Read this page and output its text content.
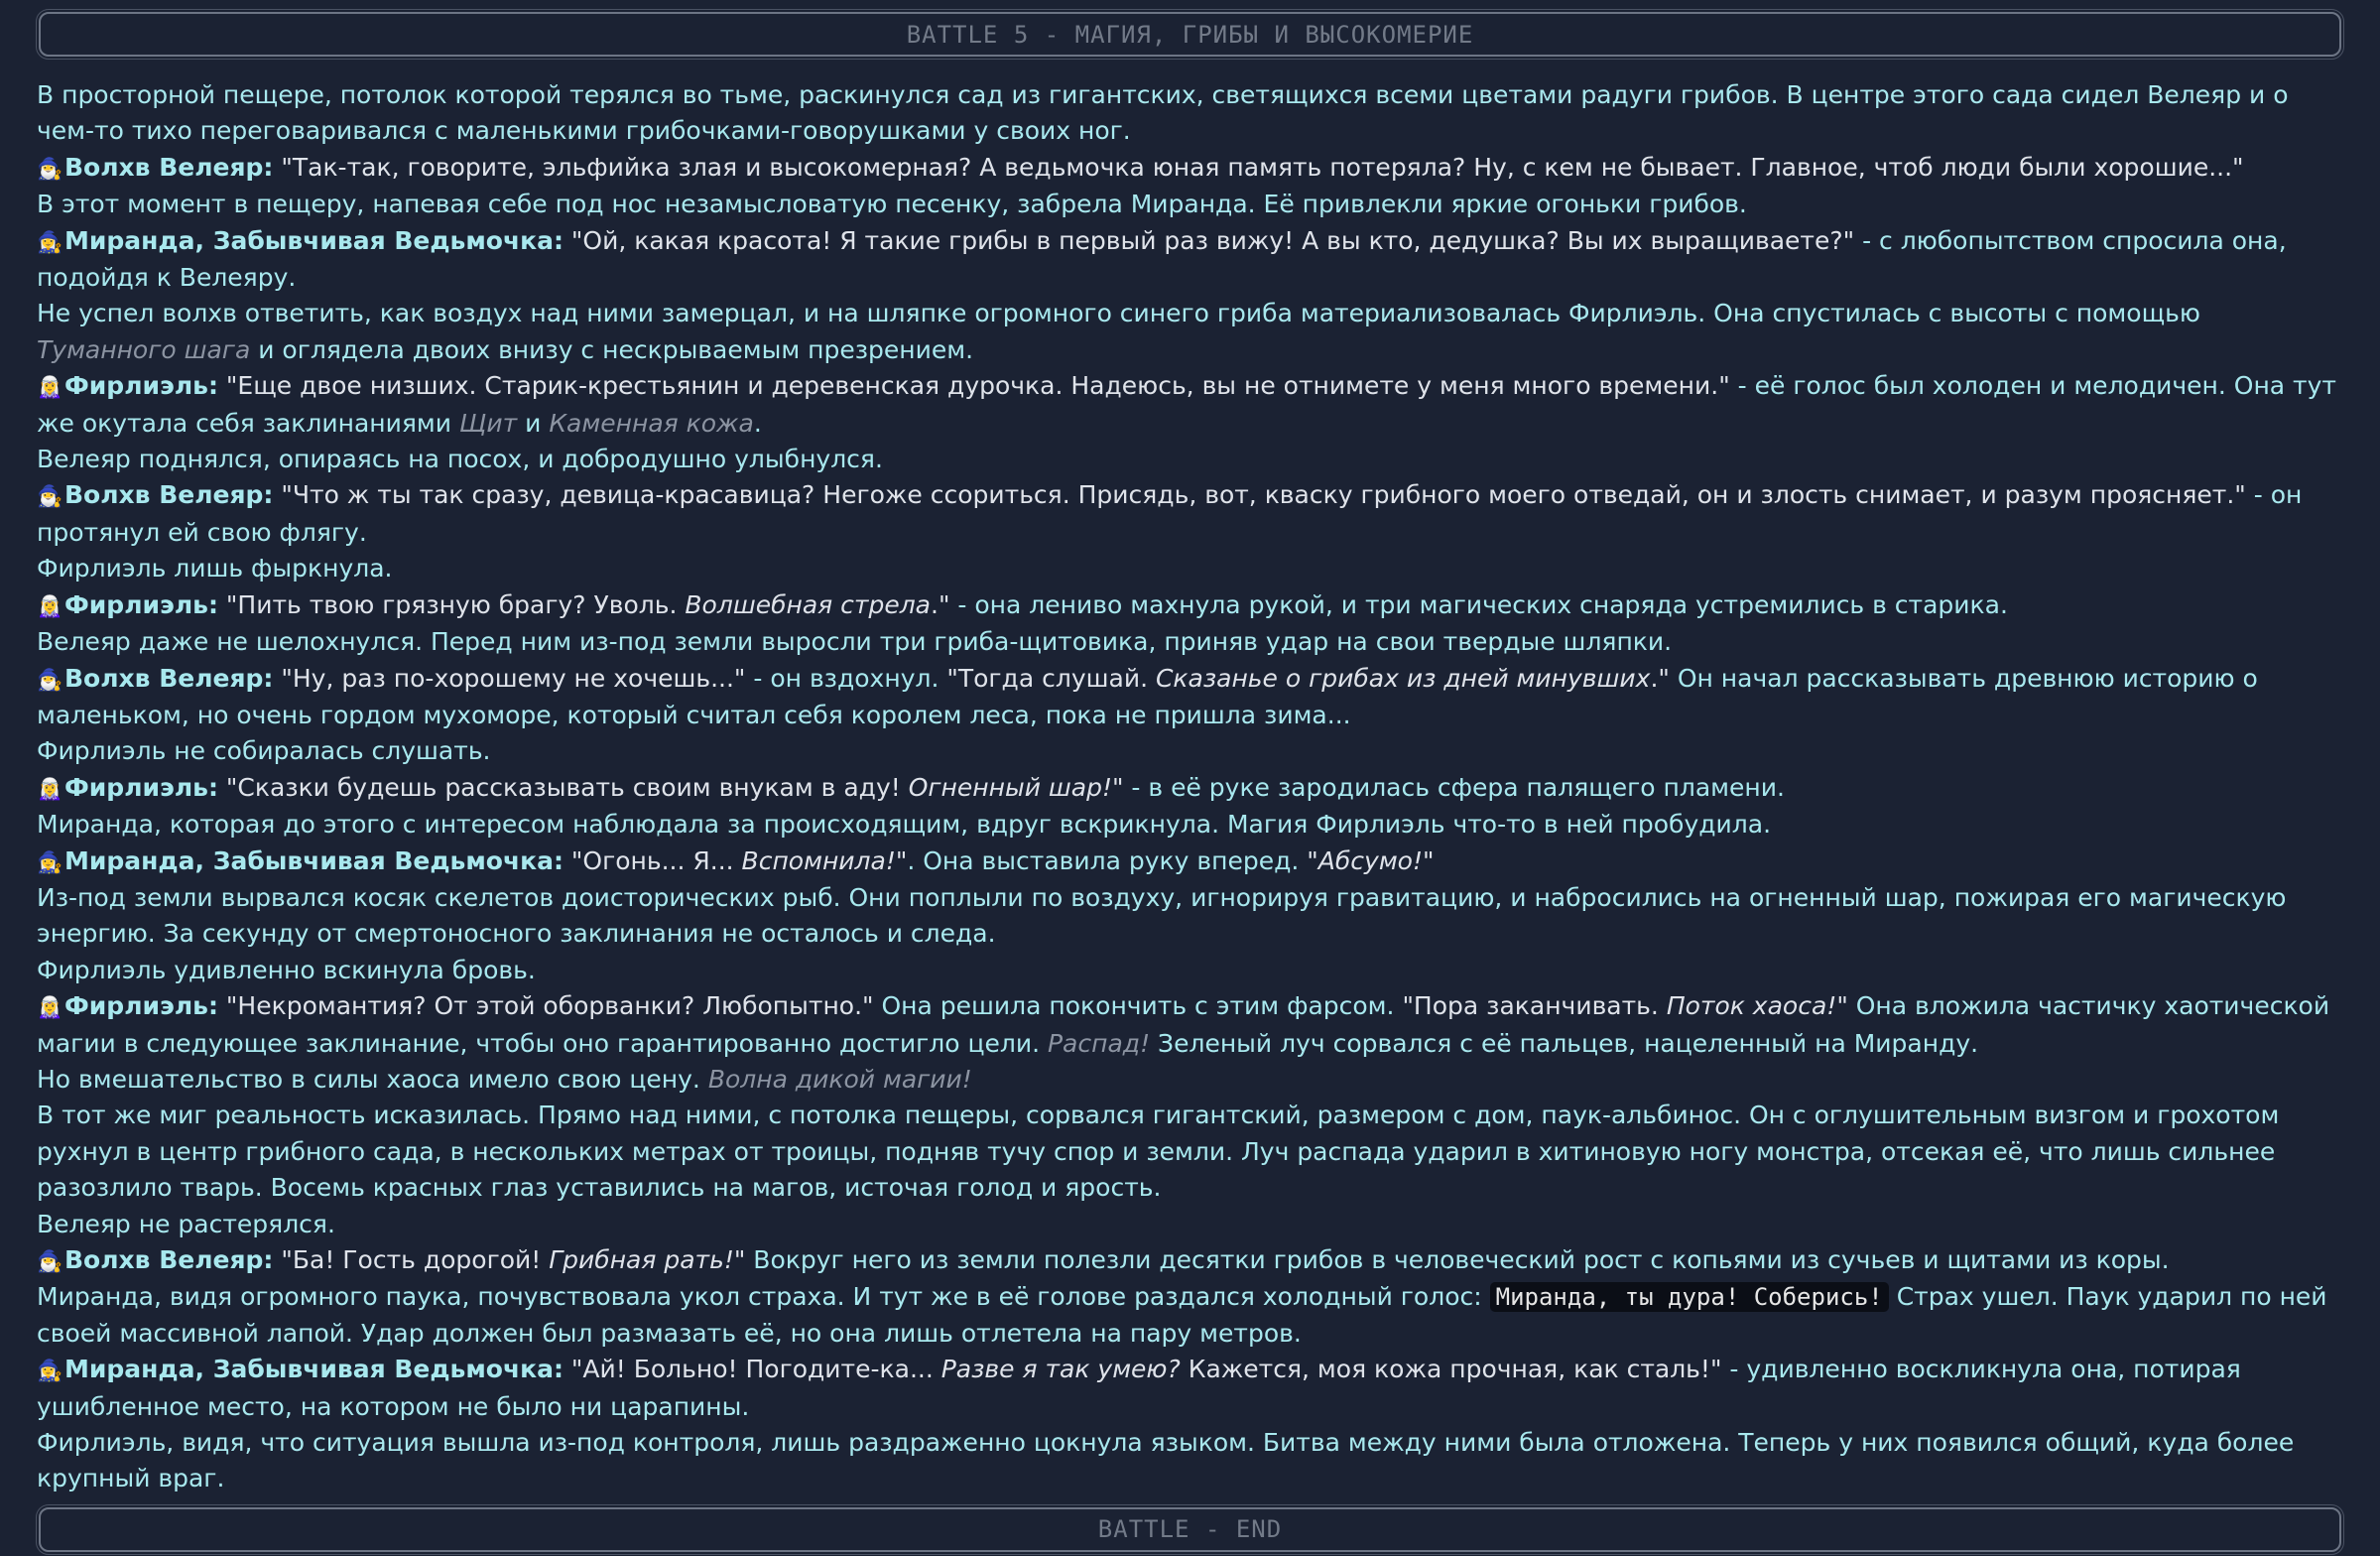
BATTLE 5 - МАГИЯ, ГРИБЫ И ВЫСОКОМЕРИЕ

В просторной пещере, потолок которой терялся во тьме, раскинулся сад из гигантских, светящихся всеми цветами радуги грибов. В центре этого сада сидел Велеяр и о чем-то тихо переговаривался с маленькими грибочками-говорушками у своих ног.

🧙‍♂️Волхв Велеяр: "Так-так, говорите, эльфийка злая и высокомерная? А ведьмочка юная память потеряла? Ну, с кем не бывает. Главное, чтоб люди были хорошие..."

В этот момент в пещеру, напевая себе под нос незамысловатую песенку, забрела Миранда. Её привлекли яркие огоньки грибов.

🧙‍♀️Миранда, Забывчивая Ведьмочка: "Ой, какая красота! Я такие грибы в первый раз вижу! А вы кто, дедушка? Вы их выращиваете?" - с любопытством спросила она, подойдя к Велеяру.

Не успел волхв ответить, как воздух над ними замерцал, и на шляпке огромного синего гриба материализовалась Фирлиэль. Она спустилась с высоты с помощью Туманного шага и оглядела двоих внизу с нескрываемым презрением.

🧝‍♀️Фирлиэль: "Еще двое низших. Старик-крестьянин и деревенская дурочка. Надеюсь, вы не отнимете у меня много времени." - её голос был холоден и мелодичен. Она тут же окутала себя заклинаниями Щит и Каменная кожа.

Велеяр поднялся, опираясь на посох, и добродушно улыбнулся.

🧙‍♂️Волхв Велеяр: "Что ж ты так сразу, девица-красавица? Негоже ссориться. Присядь, вот, кваску грибного моего отведай, он и злость снимает, и разум проясняет." - он протянул ей свою флягу.

Фирлиэль лишь фыркнула.

🧝‍♀️Фирлиэль: "Пить твою грязную брагу? Уволь. Волшебная стрела." - она лениво махнула рукой, и три магических снаряда устремились в старика.

Велеяр даже не шелохнулся. Перед ним из-под земли выросли три гриба-щитовика, приняв удар на свои твердые шляпки.

🧙‍♂️Волхв Велеяр: "Ну, раз по-хорошему не хочешь..." - он вздохнул. "Тогда слушай. Сказанье о грибах из дней минувших." Он начал рассказывать древнюю историю о маленьком, но очень гордом мухоморе, который считал себя королем леса, пока не пришла зима...

Фирлиэль не собиралась слушать.

🧝‍♀️Фирлиэль: "Сказки будешь рассказывать своим внукам в аду! Огненный шар!" - в её руке зародилась сфера палящего пламени.

Миранда, которая до этого с интересом наблюдала за происходящим, вдруг вскрикнула. Магия Фирлиэль что-то в ней пробудила.

🧙‍♀️Миранда, Забывчивая Ведьмочка: "Огонь... Я... Вспомнила!". Она выставила руку вперед. "Абсумо!"

Из-под земли вырвался косяк скелетов доисторических рыб. Они поплыли по воздуху, игнорируя гравитацию, и набросились на огненный шар, пожирая его магическую энергию. За секунду от смертоносного заклинания не осталось и следа.

Фирлиэль удивленно вскинула бровь.

🧝‍♀️Фирлиэль: "Некромантия? От этой оборванки? Любопытно." Она решила покончить с этим фарсом. "Пора заканчивать. Поток хаоса!" Она вложила частичку хаотической магии в следующее заклинание, чтобы оно гарантированно достигло цели. Распад! Зеленый луч сорвался с её пальцев, нацеленный на Миранду.

Но вмешательство в силы хаоса имело свою цену. Волна дикой магии!

В тот же миг реальность исказилась. Прямо над ними, с потолка пещеры, сорвался гигантский, размером с дом, паук-альбинос. Он с оглушительным визгом и грохотом рухнул в центр грибного сада, в нескольких метрах от троицы, подняв тучу спор и земли. Луч распада ударил в хитиновую ногу монстра, отсекая её, что лишь сильнее разозлило тварь. Восемь красных глаз уставились на магов, источая голод и ярость.

Велеяр не растерялся.

🧙‍♂️Волхв Велеяр: "Ба! Гость дорогой! Грибная рать!" Вокруг него из земли полезли десятки грибов в человеческий рост с копьями из сучьев и щитами из коры.

Миранда, видя огромного паука, почувствовала укол страха. И тут же в её голове раздался холодный голос: Миранда, ты дура! Соберись! Страх ушел. Паук ударил по ней своей массивной лапой. Удар должен был размазать её, но она лишь отлетела на пару метров.

🧙‍♀️Миранда, Забывчивая Ведьмочка: "Ай! Больно! Погодите-ка... Разве я так умею? Кажется, моя кожа прочная, как сталь!" - удивленно воскликнула она, потирая ушибленное место, на котором не было ни царапины.

Фирлиэль, видя, что ситуация вышла из-под контроля, лишь раздраженно цокнула языком. Битва между ними была отложена. Теперь у них появился общий, куда более крупный враг.

BATTLE - END
